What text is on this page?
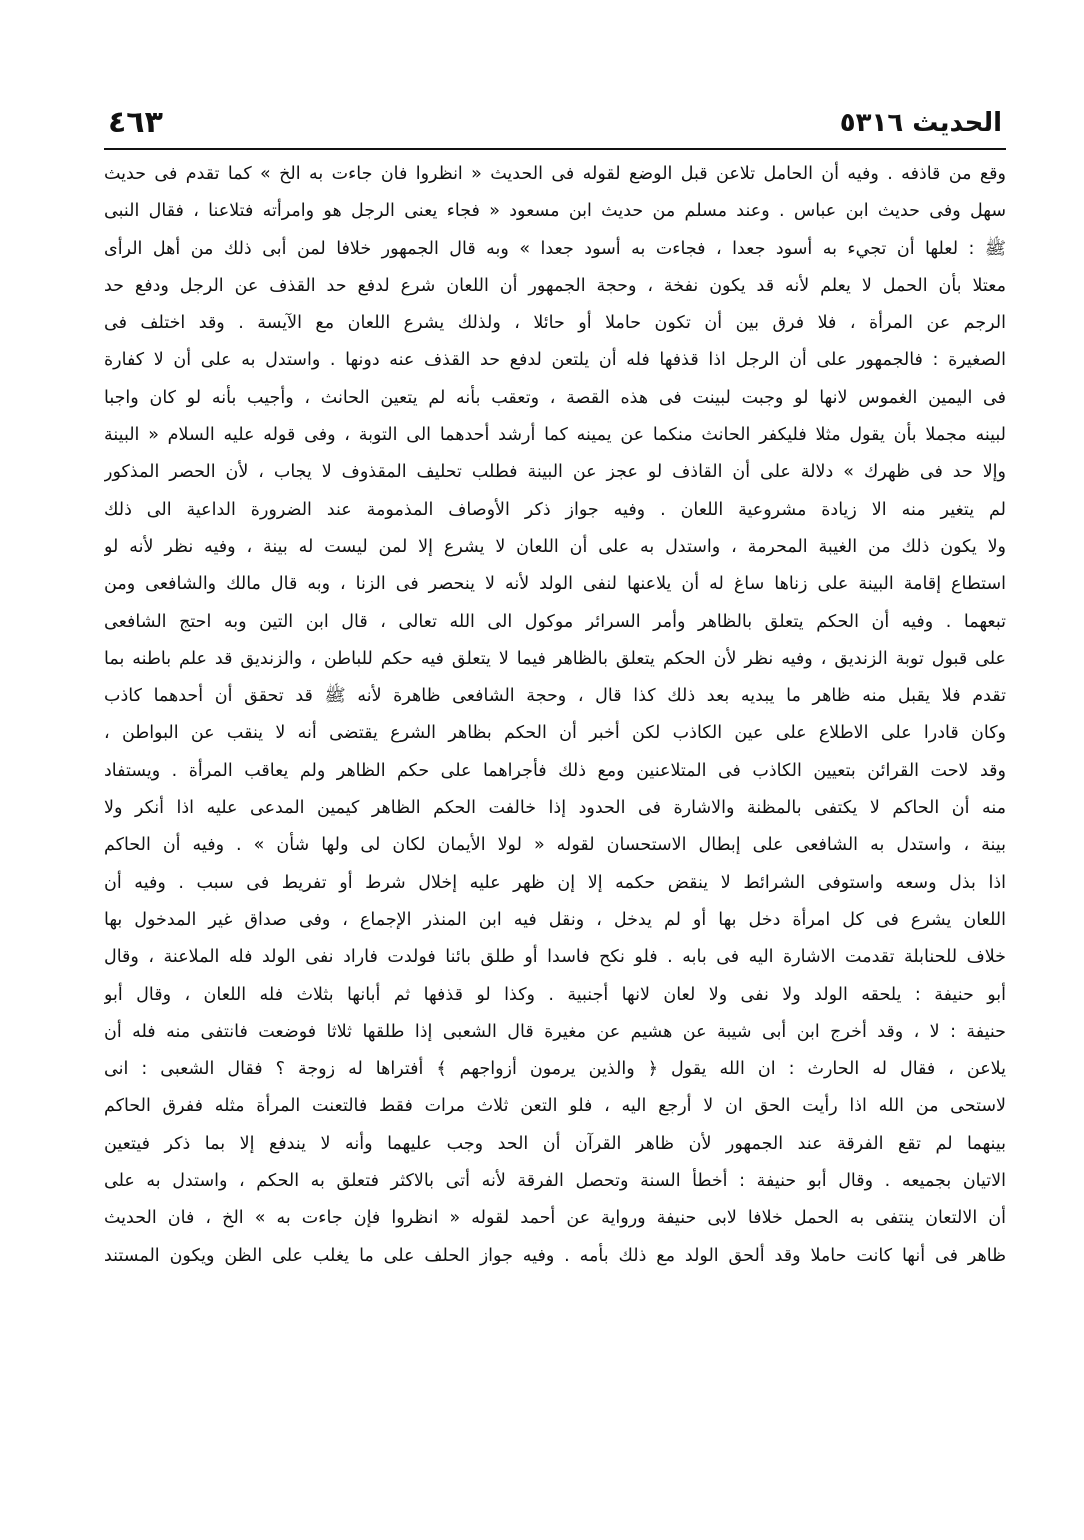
الحديث ٥٣١٦
٤٦٣
وقع من قاذفه . وفيه أن الحامل تلاعن قبل الوضع لقوله فى الحديث « انظروا فان جاءت به الخ » كما تقدم فى حديث
سهل وفى حديث ابن عباس . وعند مسلم من حديث ابن مسعود « فجاء يعنى الرجل هو وامرأته فتلاعنا ، فقال النبى
ﷺ : لعلها أن تجيء به أسود جعدا ، فجاءت به أسود جعدا » وبه قال الجمهور خلافا لمن أبى ذلك من أهل الرأى
معتلا بأن الحمل لا يعلم لأنه قد يكون نفخة ، وحجة الجمهور أن اللعان شرع لدفع حد القذف عن الرجل ودفع حد
الرجم عن المرأة ، فلا فرق بين أن تكون حاملا أو حائلا ، ولذلك يشرع اللعان مع الآيسة . وقد اختلف فى
الصغيرة : فالجمهور على أن الرجل اذا قذفها فله أن يلتعن لدفع حد القذف عنه دونها . واستدل به على أن لا كفارة
فى اليمين الغموس لانها لو وجبت لبينت فى هذه القصة ، وتعقب بأنه لم يتعين الحانث ، وأجيب بأنه لو كان واجبا
لبينه مجملا بأن يقول مثلا فليكفر الحانث منكما عن يمينه كما أرشد أحدهما الى التوبة ، وفى قوله عليه السلام « البينة
وإلا حد فى ظهرك » دلالة على أن القاذف لو عجز عن البينة فطلب تحليف المقذوف لا يجاب ، لأن الحصر المذكور
لم يتغير منه الا زيادة مشروعية اللعان . وفيه جواز ذكر الأوصاف المذمومة عند الضرورة الداعية الى ذلك
ولا يكون ذلك من الغيبة المحرمة ، واستدل به على أن اللعان لا يشرع إلا لمن ليست له بينة ، وفيه نظر لأنه لو
استطاع إقامة البينة على زناها ساغ له أن يلاعنها لنفى الولد لأنه لا ينحصر فى الزنا ، وبه قال مالك والشافعى ومن
تبعهما . وفيه أن الحكم يتعلق بالظاهر وأمر السرائر موكول الى الله تعالى ، قال ابن التين وبه احتج الشافعى
على قبول توبة الزنديق ، وفيه نظر لأن الحكم يتعلق بالظاهر فيما لا يتعلق فيه حكم للباطن ، والزنديق قد علم باطنه بما
تقدم فلا يقبل منه ظاهر ما يبديه بعد ذلك كذا قال ، وحجة الشافعى ظاهرة لأنه ﷺ قد تحقق أن أحدهما كاذب
وكان قادرا على الاطلاع على عين الكاذب لكن أخبر أن الحكم بظاهر الشرع يقتضى أنه لا ينقب عن البواطن ،
وقد لاحت القرائن بتعيين الكاذب فى المتلاعنين ومع ذلك فأجراهما على حكم الظاهر ولم يعاقب المرأة . ويستفاد
منه أن الحاكم لا يكتفى بالمظنة والاشارة فى الحدود إذا خالفت الحكم الظاهر كيمين المدعى عليه اذا أنكر ولا
بينة ، واستدل به الشافعى على إبطال الاستحسان لقوله « لولا الأيمان لكان لى ولها شأن » . وفيه أن الحاكم
اذا بذل وسعه واستوفى الشرائط لا ينقض حكمه إلا إن ظهر عليه إخلال شرط أو تفريط فى سبب . وفيه أن
اللعان يشرع فى كل امرأة دخل بها أو لم يدخل ، ونقل فيه ابن المنذر الإجماع ، وفى صداق غير المدخول بها
خلاف للحنابلة تقدمت الاشارة اليه فى بابه . فلو نكح فاسدا أو طلق بائنا فولدت فاراد نفى الولد فله الملاعنة ، وقال
أبو حنيفة : يلحقه الولد ولا نفى ولا لعان لانها أجنبية . وكذا لو قذفها ثم أبانها بثلاث فله اللعان ، وقال أبو
حنيفة : لا ، وقد أخرج ابن أبى شيبة عن هشيم عن مغيرة قال الشعبى إذا طلقها ثلاثا فوضعت فانتفى منه فله أن
يلاعن ، فقال له الحارث : ان الله يقول ﴿ والذين يرمون أزواجهم ﴾ أفتراها له زوجة ؟ فقال الشعبى : انى
لاستحى من الله اذا رأيت الحق ان لا أرجع اليه ، فلو التعن ثلاث مرات فقط فالتعنت المرأة مثله ففرق الحاكم
بينهما لم تقع الفرقة عند الجمهور لأن ظاهر القرآن أن الحد وجب عليهما وأنه لا يندفع إلا بما ذكر فيتعين
الاتيان بجميعه . وقال أبو حنيفة : أخطأ السنة وتحصل الفرقة لأنه أتى بالاكثر فتعلق به الحكم ، واستدل به على
أن الالتعان ينتفى به الحمل خلافا لابى حنيفة ورواية عن أحمد لقوله « انظروا فإن جاءت به » الخ ، فان الحديث
ظاهر فى أنها كانت حاملا وقد ألحق الولد مع ذلك بأمه . وفيه جواز الحلف على ما يغلب على الظن ويكون المستند
